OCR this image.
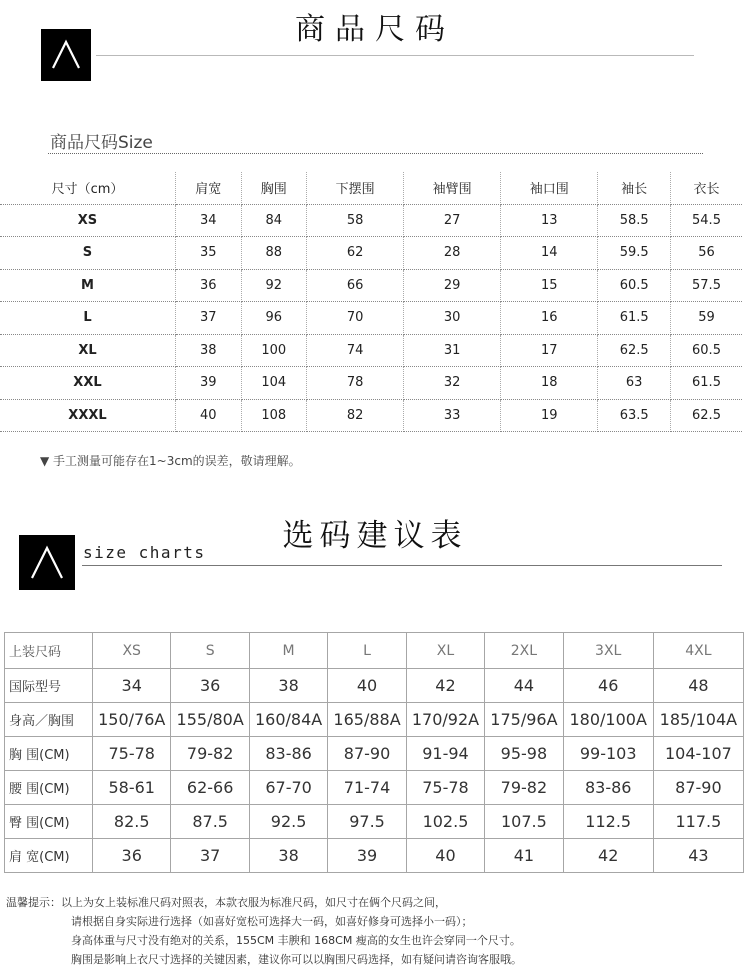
商品尺码
商品尺码Size
尺寸（cm）	肩宽	胸围	下摆围	袖臂围	袖口围	袖长	衣长
XS	34	84	58	27	13	58.5	54.5
S	35	88	62	28	14	59.5	56
M	36	92	66	29	15	60.5	57.5
L	37	96	70	30	16	61.5	59
XL	38	100	74	31	17	62.5	60.5
XXL	39	104	78	32	18	63	61.5
XXXL	40	108	82	33	19	63.5	62.5
▼ 手工测量可能存在1~3cm的误差，敬请理解。
选码建议表
size charts
上装尺码	XS	S	M	L	XL	2XL	3XL	4XL
国际型号	34	36	38	40	42	44	46	48
身高／胸围	150/76A	155/80A	160/84A	165/88A	170/92A	175/96A	180/100A	185/104A
胸 围(CM)	75-78	79-82	83-86	87-90	91-94	95-98	99-103	104-107
腰 围(CM)	58-61	62-66	67-70	71-74	75-78	79-82	83-86	87-90
臀 围(CM)	82.5	87.5	92.5	97.5	102.5	107.5	112.5	117.5
肩 宽(CM)	36	37	38	39	40	41	42	43
温馨提示：以上为女上装标准尺码对照表，本款衣服为标准尺码，如尺寸在俩个尺码之间，
请根据自身实际进行选择（如喜好宽松可选择大一码，如喜好修身可选择小一码）；
身高体重与尺寸没有绝对的关系，155CM 丰腴和 168CM 瘦高的女生也许会穿同一个尺寸。
胸围是影响上衣尺寸选择的关键因素，建议你可以以胸围尺码选择，如有疑问请咨询客服哦。
